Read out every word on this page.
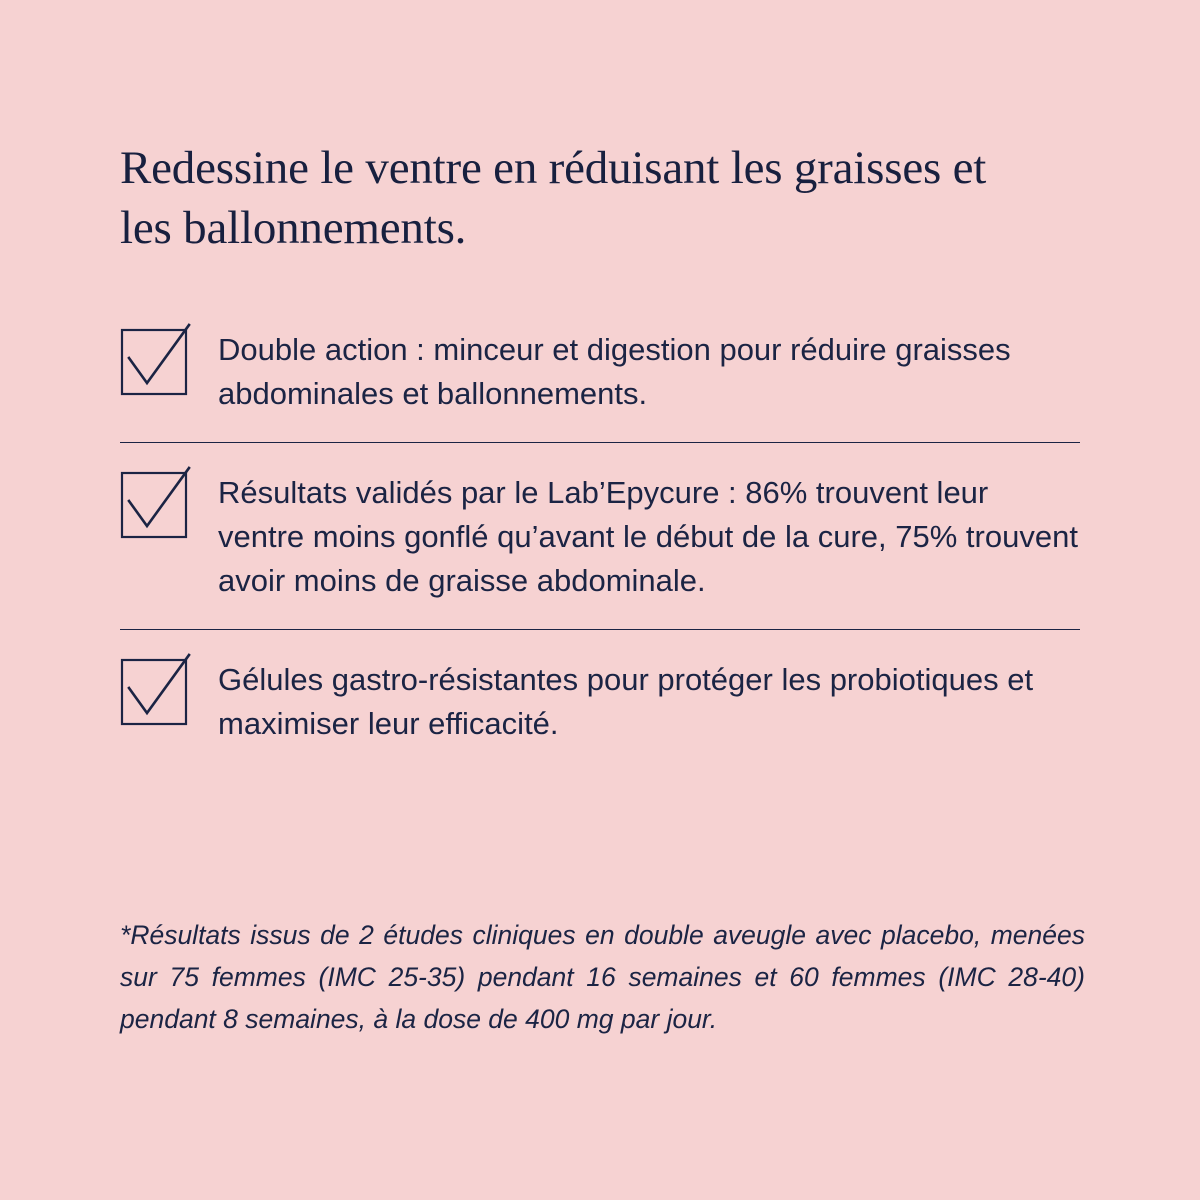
Redessine le ventre en réduisant les graisses et les ballonnements.
Double action : minceur et digestion pour réduire graisses abdominales et ballonnements.
Résultats validés par le Lab’Epycure : 86% trouvent leur ventre moins gonflé qu’avant le début de la cure, 75% trouvent avoir moins de graisse abdominale.
Gélules gastro-résistantes pour protéger les probiotiques et maximiser leur efficacité.
*Résultats issus de 2 études cliniques en double aveugle avec placebo, menées sur 75 femmes (IMC 25-35) pendant 16 semaines et 60 femmes (IMC 28-40) pendant 8 semaines, à la dose de 400 mg par jour.
